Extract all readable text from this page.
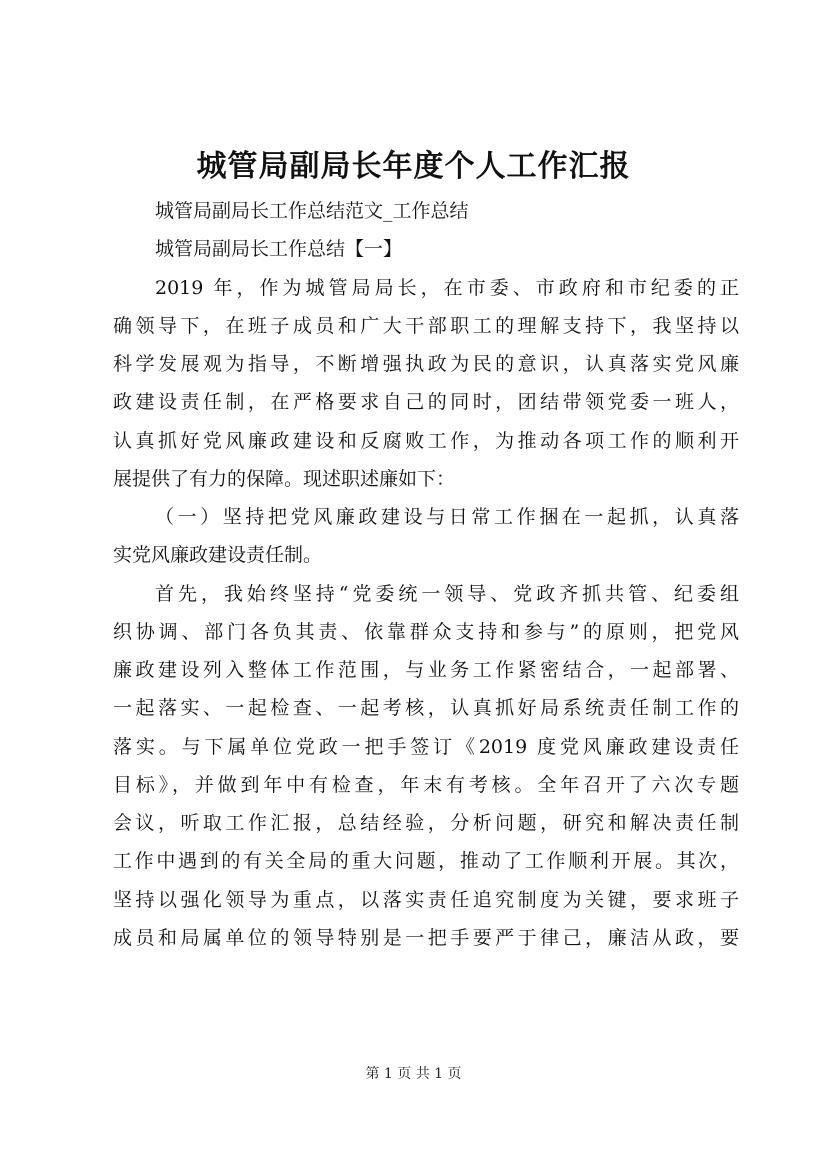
城管局副局长年度个人工作汇报
城管局副局长工作总结范文_工作总结
城管局副局长工作总结【一】
2019 年，作为城管局局长，在市委、市政府和市纪委的正
确领导下，在班子成员和广大干部职工的理解支持下，我坚持以
科学发展观为指导，不断增强执政为民的意识，认真落实党风廉
政建设责任制，在严格要求自己的同时，团结带领党委一班人，
认真抓好党风廉政建设和反腐败工作，为推动各项工作的顺利开
展提供了有力的保障。现述职述廉如下：
（一）坚持把党风廉政建设与日常工作捆在一起抓，认真落
实党风廉政建设责任制。
首先，我始终坚持“党委统一领导、党政齐抓共管、纪委组
织协调、部门各负其责、依靠群众支持和参与”的原则，把党风
廉政建设列入整体工作范围，与业务工作紧密结合，一起部署、
一起落实、一起检查、一起考核，认真抓好局系统责任制工作的
落实。与下属单位党政一把手签订《2019 度党风廉政建设责任
目标》，并做到年中有检查，年末有考核。全年召开了六次专题
会议，听取工作汇报，总结经验，分析问题，研究和解决责任制
工作中遇到的有关全局的重大问题，推动了工作顺利开展。其次，
坚持以强化领导为重点，以落实责任追究制度为关键，要求班子
成员和局属单位的领导特别是一把手要严于律己，廉洁从政，要
第 1 页 共 1 页
